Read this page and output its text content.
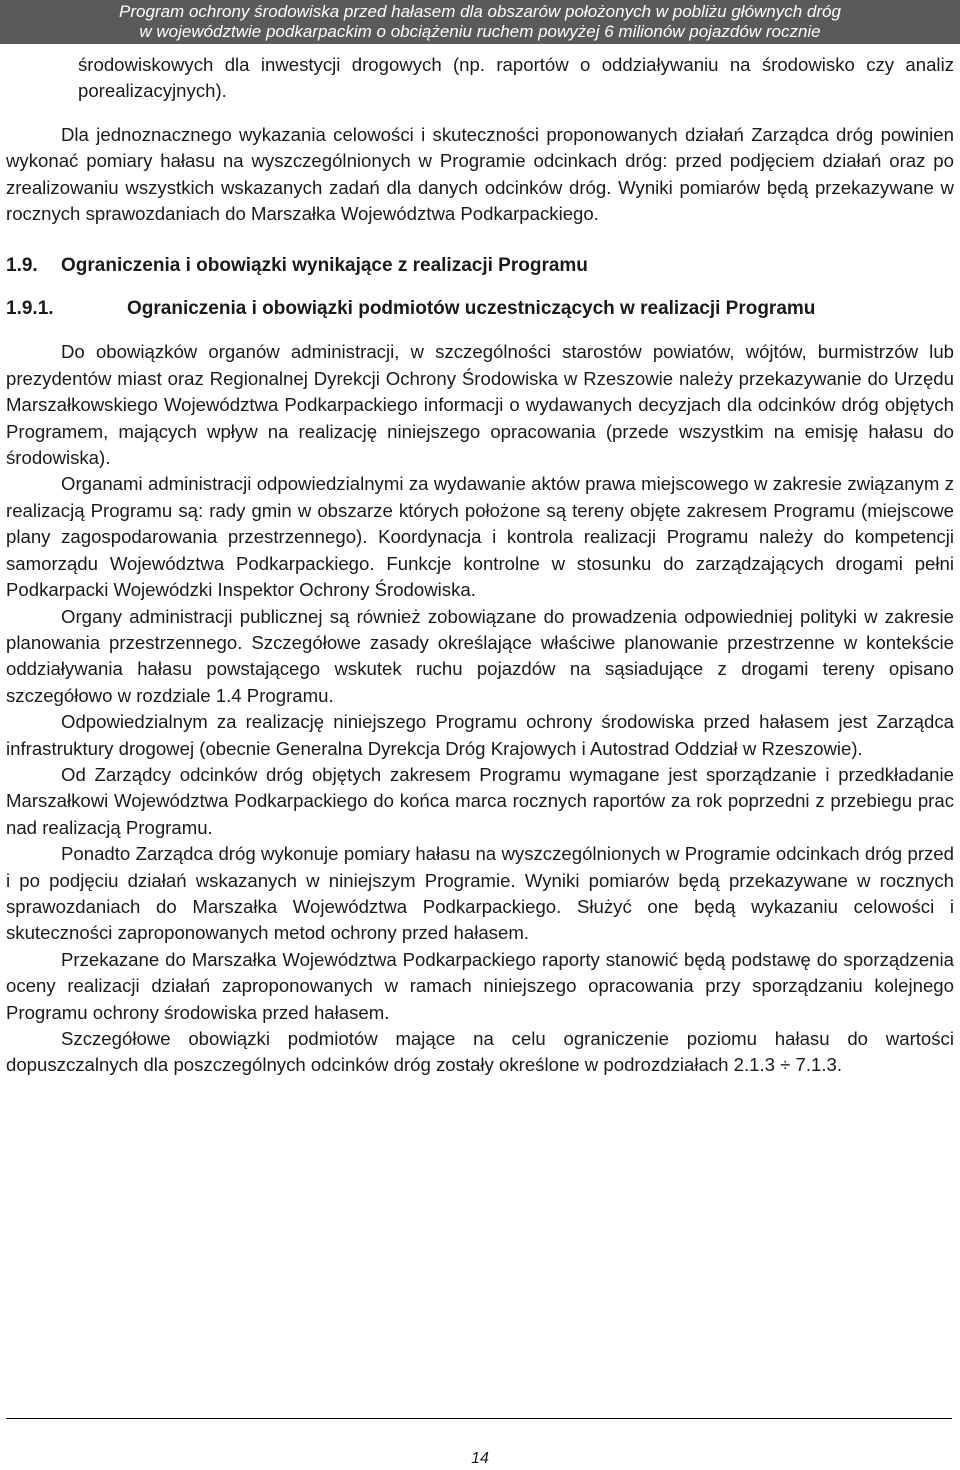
Program ochrony środowiska przed hałasem dla obszarów położonych w pobliżu głównych dróg
w województwie podkarpackim o obciążeniu ruchem powyżej 6 milionów pojazdów rocznie

środowiskowych dla inwestycji drogowych (np. raportów o oddziaływaniu na środowisko czy analiz porealizacyjnych).

Dla jednoznacznego wykazania celowości i skuteczności proponowanych działań Zarządca dróg powinien wykonać pomiary hałasu na wyszczególnionych w Programie odcinkach dróg: przed podjęciem działań oraz po zrealizowaniu wszystkich wskazanych zadań dla danych odcinków dróg. Wyniki pomiarów będą przekazywane w rocznych sprawozdaniach do Marszałka Województwa Podkarpackiego.

1.9. Ograniczenia i obowiązki wynikające z realizacji Programu
1.9.1.	Ograniczenia i obowiązki podmiotów uczestniczących w realizacji Programu

Do obowiązków organów administracji, w szczególności starostów powiatów, wójtów, burmistrzów lub prezydentów miast oraz Regionalnej Dyrekcji Ochrony Środowiska w Rzeszowie należy przekazywanie do Urzędu Marszałkowskiego Województwa Podkarpackiego informacji o wydawanych decyzjach dla odcinków dróg objętych Programem, mających wpływ na realizację niniejszego opracowania (przede wszystkim na emisję hałasu do środowiska).

Organami administracji odpowiedzialnymi za wydawanie aktów prawa miejscowego w zakresie związanym z realizacją Programu są: rady gmin w obszarze których położone są tereny objęte zakresem Programu (miejscowe plany zagospodarowania przestrzennego). Koordynacja i kontrola realizacji Programu należy do kompetencji samorządu Województwa Podkarpackiego. Funkcje kontrolne w stosunku do zarządzających drogami pełni Podkarpacki Wojewódzki Inspektor Ochrony Środowiska.

Organy administracji publicznej są również zobowiązane do prowadzenia odpowiedniej polityki w zakresie planowania przestrzennego. Szczegółowe zasady określające właściwe planowanie przestrzenne w kontekście oddziaływania hałasu powstającego wskutek ruchu pojazdów na sąsiadujące z drogami tereny opisano szczegółowo w rozdziale 1.4 Programu.

Odpowiedzialnym za realizację niniejszego Programu ochrony środowiska przed hałasem jest Zarządca infrastruktury drogowej (obecnie Generalna Dyrekcja Dróg Krajowych i Autostrad Oddział w Rzeszowie).

Od Zarządcy odcinków dróg objętych zakresem Programu wymagane jest sporządzanie i przedkładanie Marszałkowi Województwa Podkarpackiego do końca marca rocznych raportów za rok poprzedni z przebiegu prac nad realizacją Programu.

Ponadto Zarządca dróg wykonuje pomiary hałasu na wyszczególnionych w Programie odcinkach dróg przed i po podjęciu działań wskazanych w niniejszym Programie. Wyniki pomiarów będą przekazywane w rocznych sprawozdaniach do Marszałka Województwa Podkarpackiego. Służyć one będą wykazaniu celowości i skuteczności zaproponowanych metod ochrony przed hałasem.

Przekazane do Marszałka Województwa Podkarpackiego raporty stanowić będą podstawę do sporządzenia oceny realizacji działań zaproponowanych w ramach niniejszego opracowania przy sporządzaniu kolejnego Programu ochrony środowiska przed hałasem.

Szczegółowe obowiązki podmiotów mające na celu ograniczenie poziomu hałasu do wartości dopuszczalnych dla poszczególnych odcinków dróg zostały określone w podrozdziałach 2.1.3 ÷ 7.1.3.

14
